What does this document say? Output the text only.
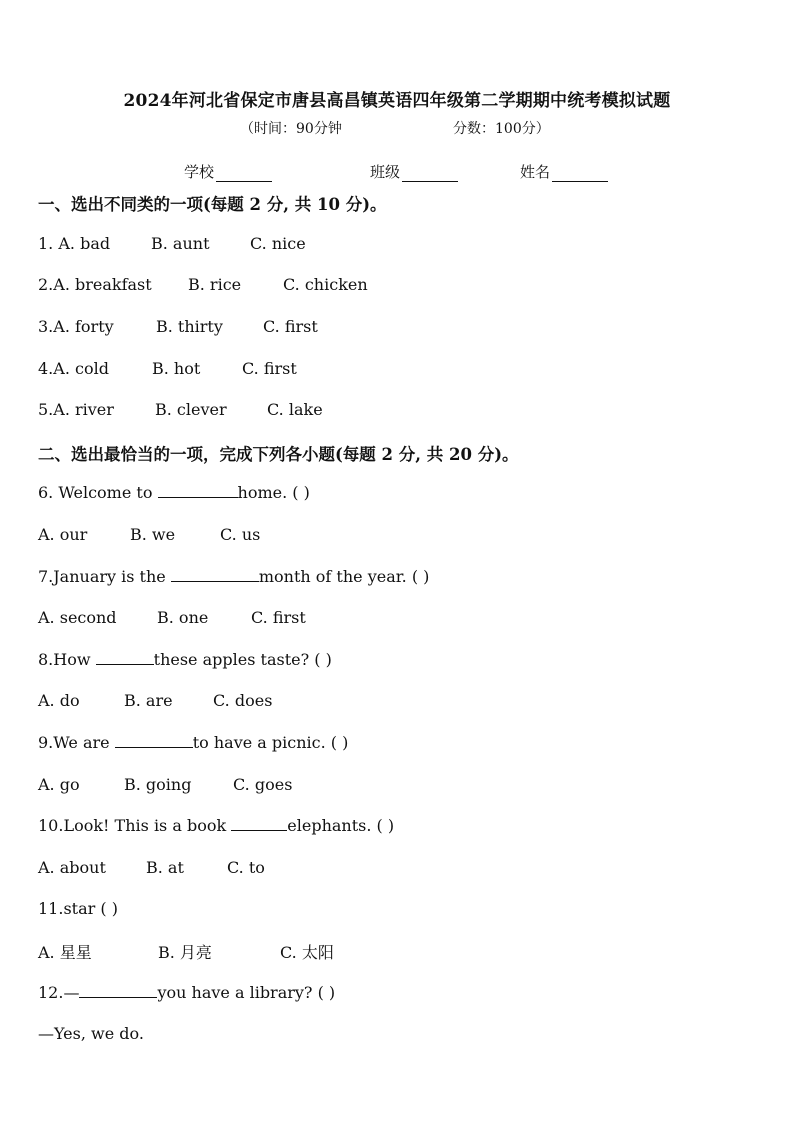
2024年河北省保定市唐县高昌镇英语四年级第二学期期中统考模拟试题
（时间：90分钟	分数：100分）
学校	班级	姓名
一、选出不同类的一项(每题 2 分, 共 10 分)。
1. A. bad	B. aunt	C. nice
2.A. breakfast B. rice	C. chicken
3.A. forty	B. thirty	C. first
4.A. cold	B. hot	C. first
5.A. river	B. clever	C. lake
二、选出最恰当的一项，完成下列各小题(每题 2 分, 共 20 分)。
6. Welcome to	home. ( )
A. our	B. we	C. us
7.January is the	month of the year. ( )
A. second	B. one	C. first
8.How	these apples taste? ( )
A. do	B. are	C. does
9.We are	to have a picnic. ( )
A. go	B. going	C. goes
10.Look! This is a book	elephants. ( )
A. about	B. at	C. to
11.star ( )
A. 星星	B. 月亮	C. 太阳
12.—	you have a library? ( )
—Yes, we do.
